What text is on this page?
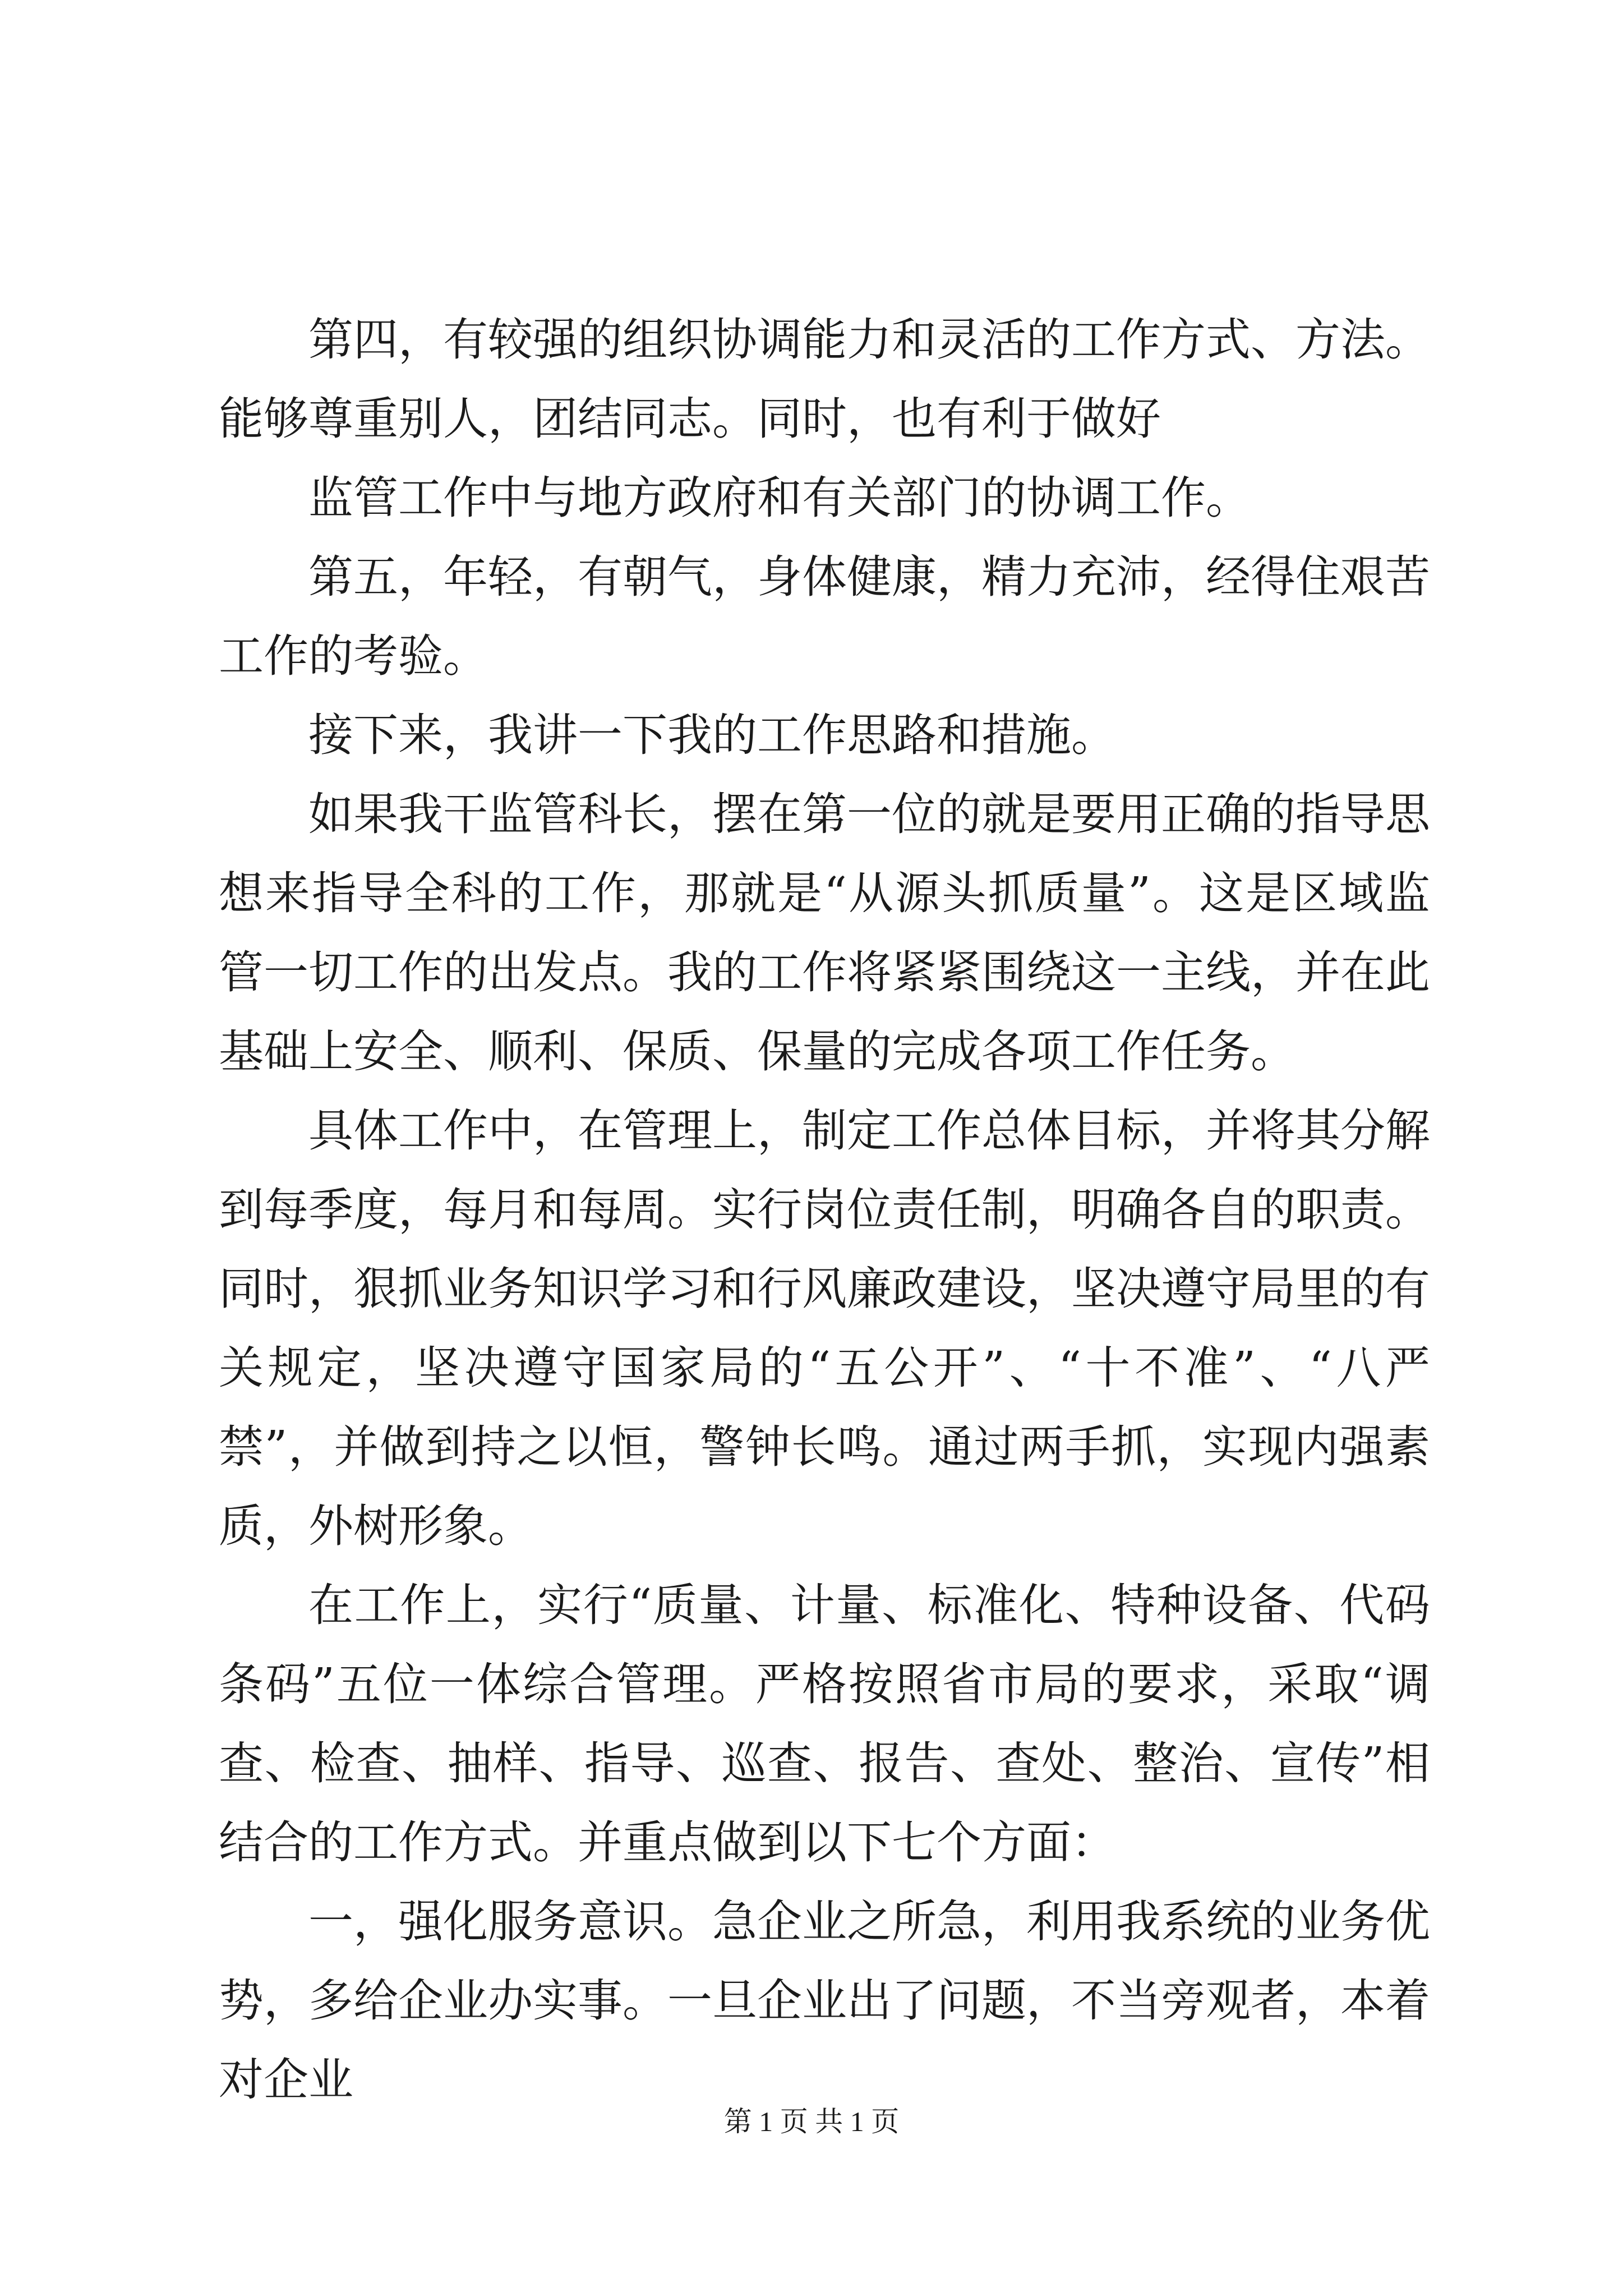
第四，有较强的组织协调能力和灵活的工作方式、方法。能够尊重别人，团结同志。同时，也有利于做好

监管工作中与地方政府和有关部门的协调工作。

第五，年轻，有朝气，身体健康，精力充沛，经得住艰苦工作的考验。

接下来，我讲一下我的工作思路和措施。

如果我干监管科长，摆在第一位的就是要用正确的指导思想来指导全科的工作，那就是“从源头抓质量”。这是区域监管一切工作的出发点。我的工作将紧紧围绕这一主线，并在此基础上安全、顺利、保质、保量的完成各项工作任务。

具体工作中，在管理上，制定工作总体目标，并将其分解到每季度，每月和每周。实行岗位责任制，明确各自的职责。同时，狠抓业务知识学习和行风廉政建设，坚决遵守局里的有关规定，坚决遵守国家局的“五公开”、“十不准”、“八严禁”，并做到持之以恒，警钟长鸣。通过两手抓，实现内强素质，外树形象。

在工作上，实行“质量、计量、标准化、特种设备、代码条码”五位一体综合管理。严格按照省市局的要求，采取“调查、检查、抽样、指导、巡查、报告、查处、整治、宣传”相结合的工作方式。并重点做到以下七个方面：

一，强化服务意识。急企业之所急，利用我系统的业务优势，多给企业办实事。一旦企业出了问题，不当旁观者，本着对企业

第 1 页 共 1 页
